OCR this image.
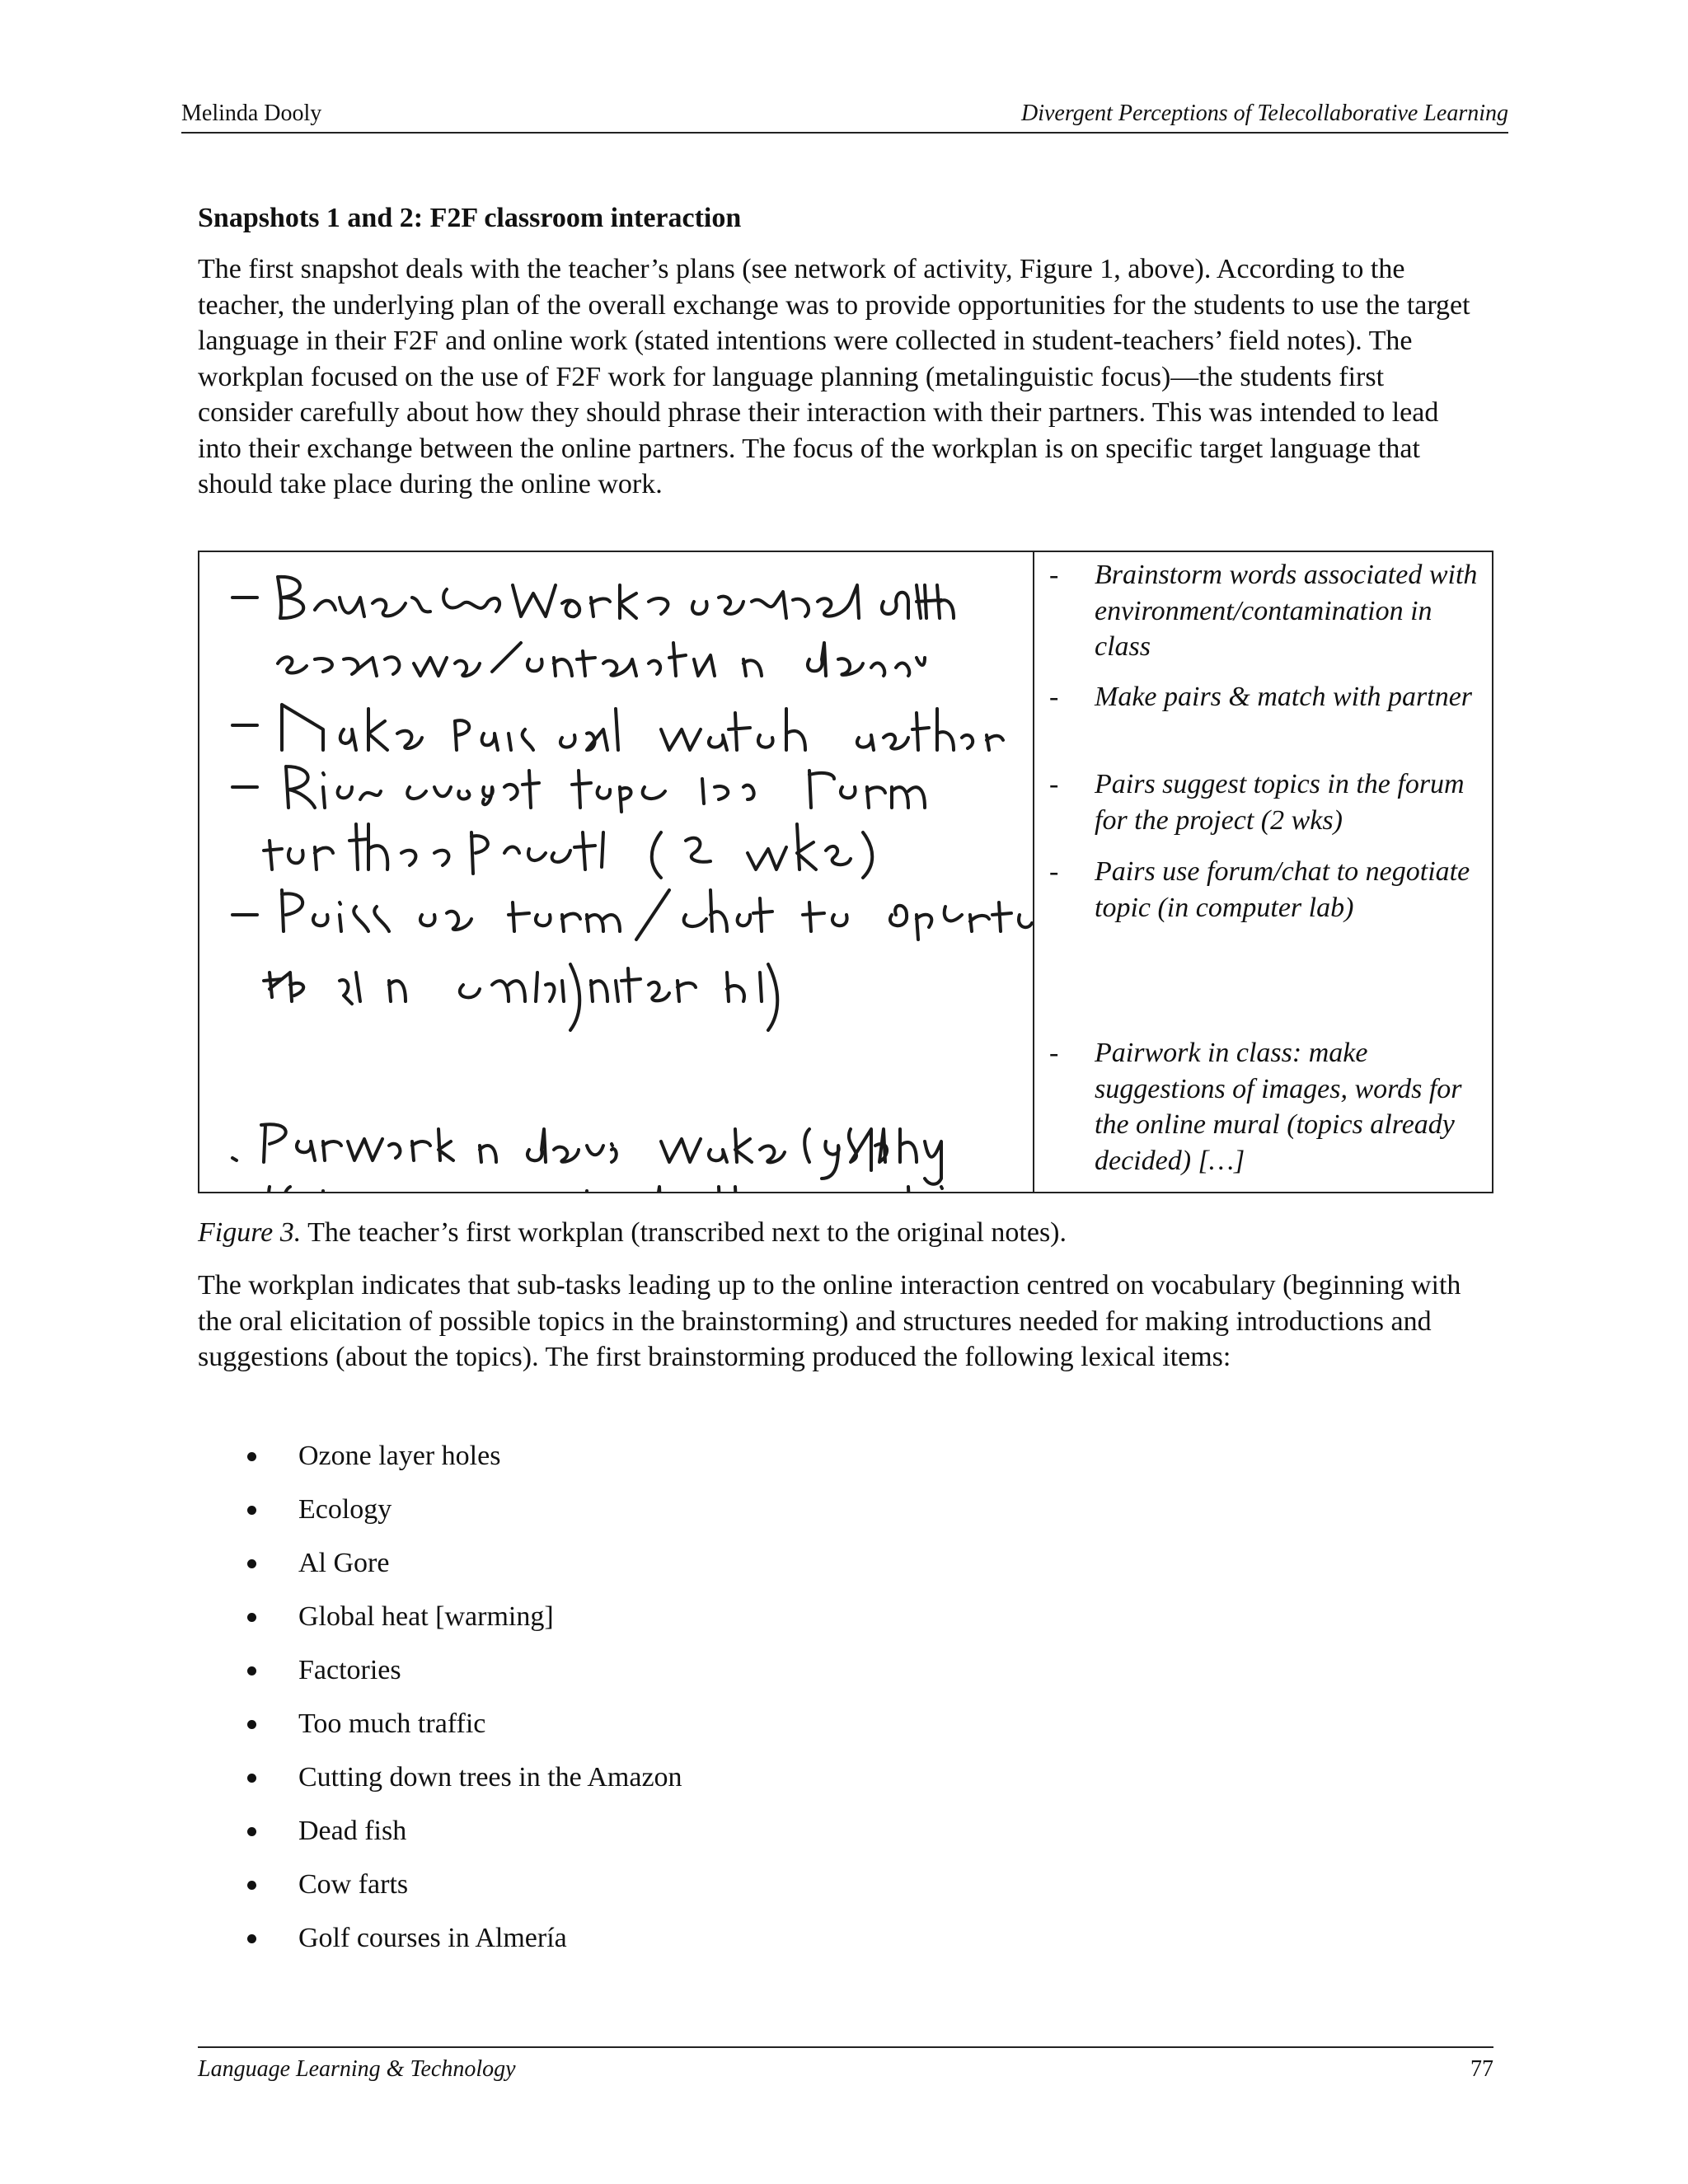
Melinda Dooly	Divergent Perceptions of Telecollaborative Learning
Snapshots 1 and 2: F2F classroom interaction

The first snapshot deals with the teacher’s plans (see network of activity, Figure 1, above). According to the teacher, the underlying plan of the overall exchange was to provide opportunities for the students to use the target language in their F2F and online work (stated intentions were collected in student-teachers’ field notes). The workplan focused on the use of F2F work for language planning (metalinguistic focus)—the students first consider carefully about how they should phrase their interaction with their partners. This was intended to lead into their exchange between the online partners. The focus of the workplan is on specific target language that should take place during the online work.

- Brainstorm words associated with environment/contamination in class
- Make pairs & match with partner
- Pairs suggest topics in the forum for the project (2 wks)
- Pairs use forum/chat to negotiate topic (in computer lab)
- Pairwork in class: make suggestions of images, words for the online mural (topics already decided) […]
Figure 3. The teacher’s first workplan (transcribed next to the original notes).

The workplan indicates that sub-tasks leading up to the online interaction centred on vocabulary (beginning with the oral elicitation of possible topics in the brainstorming) and structures needed for making introductions and suggestions (about the topics). The first brainstorming produced the following lexical items:

Ozone layer holes
Ecology
Al Gore
Global heat [warming]
Factories
Too much traffic
Cutting down trees in the Amazon
Dead fish
Cow farts
Golf courses in Almería
Language Learning & Technology	77
